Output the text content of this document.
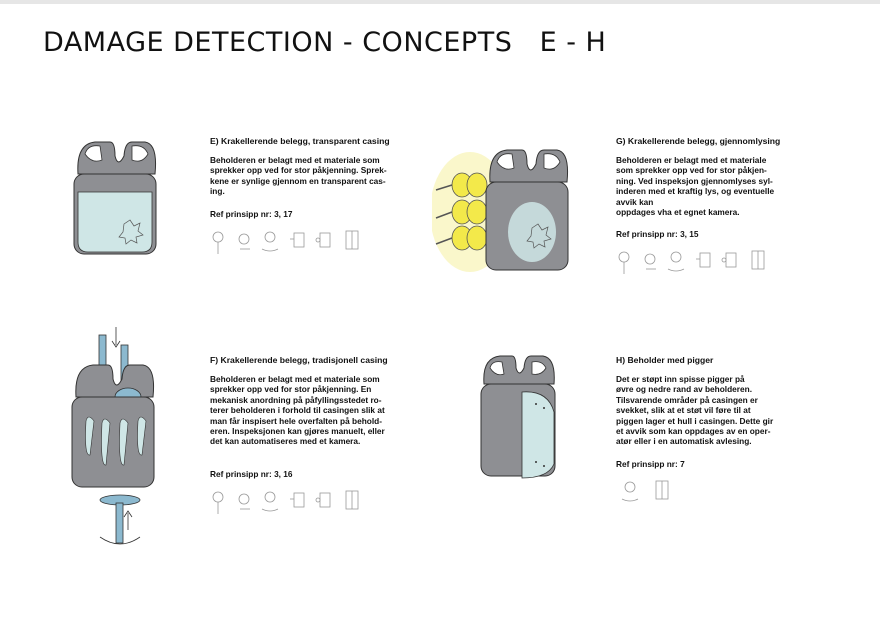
DAMAGE DETECTION - CONCEPTS   E - H

E) Krakellerende belegg, transparent casing

Beholderen er belagt med et materiale som
sprekker opp ved for stor påkjenning. Sprek-
kene er synlige gjennom en transparent cas-
ing.

Ref prinsipp nr: 3, 17

G) Krakellerende belegg, gjennomlysing

Beholderen er belagt med et materiale
som sprekker opp ved for stor påkjen-
ning. Ved inspeksjon gjennomlyses syl-
inderen med et kraftig lys, og eventuelle
avvik kan
oppdages vha et egnet kamera.

Ref prinsipp nr: 3, 15

F) Krakellerende belegg, tradisjonell casing

Beholderen er belagt med et materiale som
sprekker opp ved for stor påkjenning. En
mekanisk anordning på påfyllingsstedet ro-
terer beholderen i forhold til casingen slik at
man får inspisert hele overfalten på behold-
eren. Inspeksjonen kan gjøres manuelt, eller
det kan automatiseres med et kamera.

Ref prinsipp nr: 3, 16

H) Beholder med pigger

Det er støpt inn spisse pigger på
øvre og nedre rand av beholderen.
Tilsvarende områder på casingen er
svekket, slik at et støt vil føre til at
piggen lager et hull i casingen. Dette gir
et avvik som kan oppdages av en oper-
atør eller i en automatisk avlesing.

Ref prinsipp nr: 7
